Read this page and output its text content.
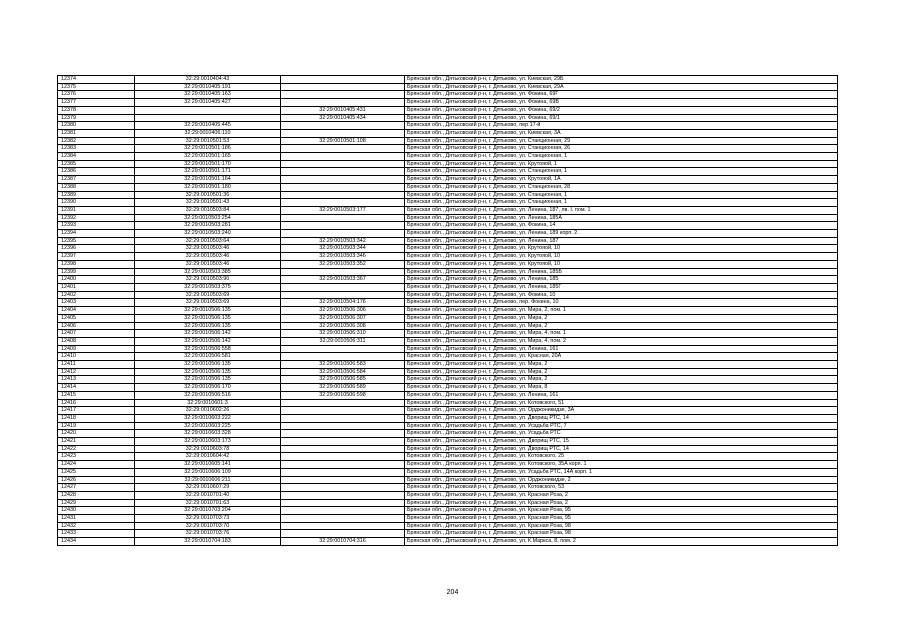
12374	32:29:0010404:43		Брянская обл., Дятьковский р-н, г. Дятьково, ул. Киевская, 29Б
12375	32:29:0010405:191		Брянская обл., Дятьковский р-н, г. Дятьково, ул. Киевская, 29А
12376	32:29:0010405:163		Брянская обл., Дятьковский р-н, г. Дятьково, ул. Фокина, 69Г
12377	32:29:0010405:427		Брянская обл., Дятьковский р-н, г. Дятьково, ул. Фокина, 69В
12378		32:29:0010405:431	Брянская обл., Дятьковский р-н, г. Дятьково, ул. Фокина, 69/2
12379		32:29:0010405:434	Брянская обл., Дятьковский р-н, г. Дятьково, ул. Фокина, 69/1
12380	32:29:0010405:445		Брянская обл., Дятьковский р-н, г. Дятьково, пер 17-й
12381	32:29:0010406:110		Брянская обл., Дятьковский р-н, г. Дятьково, ул. Киевская, 3А
12382	32:29:0010501:53	32:29:0010501:108	Брянская обл., Дятьковский р-н, г. Дятьково, ул. Станционная, 29
12383	32:29:0010501:186		Брянская обл., Дятьковский р-н, г. Дятьково, ул. Станционная, 26
12384	32:29:0010501:165		Брянская обл., Дятьковский р-н, г. Дятьково, ул. Станционная, 1
12385	32:29:0010501:170		Брянская обл., Дятьковский р-н, г. Дятьково, ул. Крутояой, 1
12386	32:29:0010501:171		Брянская обл., Дятьковский р-н, г. Дятьково, ул. Станционная, 1
12387	32:29:0010501:164		Брянская обл., Дятьковский р-н, г. Дятьково, ул. Крутояой, 1А
12388	32:29:0010501:180		Брянская обл., Дятьковский р-н, г. Дятьково, ул. Станционная, 28
12389	32:29:0010501:36		Брянская обл., Дятьковский р-н, г. Дятьково, ул. Станционная, 1
12390	32:29:0010501:43		Брянская обл., Дятьковский р-н, г. Дятьково, ул. Станционная, 1
12391	32:29:0010503:84	32:29:0010503:177	Брянская обл., Дятьковский р-н, г. Дятьково, ул. Ленина, 187, лв. I, пом. 1
12392	32:29:0010503:254		Брянская обл., Дятьковский р-н, г. Дятьково, ул. Ленина, 185А
12393	32:29:0010503:281		Брянская обл., Дятьковский р-н, г. Дятьково, ул. Фокина, 14
12394	32:29:0010503:240		Брянская обл., Дятьковский р-н, г. Дятьково, ул. Ленина, 189 корп. 2
12395	32:29:0010503:64	32:29:0010503:342	Брянская обл., Дятьковский р-н, г. Дятьково, ул. Ленина, 187
12396	32:29:0010503:46	32:29:0010503:344	Брянская обл., Дятьковский р-н, г. Дятьково, ул. Крутояой, 10
12397	32:29:0010503:46	32:29:0010503:346	Брянская обл., Дятьковский р-н, г. Дятьково, ул. Крутояой, 10
12398	32:29:0010503:46	32:29:0010503:352	Брянская обл., Дятьковский р-н, г. Дятьково, ул. Крутояой, 10
12399	32:29:0010503:385		Брянская обл., Дятьковский р-н, г. Дятьково, ул. Ленина, 185Б
12400	32:29:0010503:90	32:29:0010503:367	Брянская обл., Дятьковский р-н, г. Дятьково, ул. Ленина, 185
12401	32:29:0010503:375		Брянская обл., Дятьковский р-н, г. Дятьково, ул. Ленина, 185Г
12402	32:29:0010503:69		Брянская обл., Дятьковский р-н, г. Дятьково, ул. Фокина, 10
12403	32:29:0010503:69	32:29:0010504:176	Брянская обл., Дятьковский р-н, г. Дятьково, пер. Фокина, 10
12404	32:29:0010506:135	32:29:0010506:306	Брянская обл., Дятьковский р-н, г. Дятьково, ул. Мира, 2, пом. 1
12405	32:29:0010506:135	32:29:0010506:307	Брянская обл., Дятьковский р-н, г. Дятьково, ул. Мира, 2
12406	32:29:0010506:135	32:29:0010506:308	Брянская обл., Дятьковский р-н, г. Дятьково, ул. Мира, 2
12407	32:29:0010506:142	32:29:0010506:310	Брянская обл., Дятьковский р-н, г. Дятьково, ул. Мира, 4, пом. 1
12408	32:29:0010506:142	32:29:0010506:311	Брянская обл., Дятьковский р-н, г. Дятьково, ул. Мира, 4, пом. 2
12409	32:29:0010506:558		Брянская обл., Дятьковский р-н, г. Дятьково, ул. Ленина, 161
12410	32:29:0010506:581		Брянская обл., Дятьковский р-н, г. Дятьково, ул. Красная, 20А
12411	32:29:0010506:135	32:29:0010506:583	Брянская обл., Дятьковский р-н, г. Дятьково, ул. Мира, 2
12412	32:29:0010506:135	32:29:0010506:584	Брянская обл., Дятьковский р-н, г. Дятьково, ул. Мира, 2
12413	32:29:0010506:135	32:29:0010506:585	Брянская обл., Дятьковский р-н, г. Дятьково, ул. Мира, 2
12414	32:29:0010506:170	32:29:0010506:589	Брянская обл., Дятьковский р-н, г. Дятьково, ул. Мира, 8
12415	32:29:0010506:516	32:29:0010506:598	Брянская обл., Дятьковский р-н, г. Дятьково, ул. Ленина, 161
12416	32:29:0010601:3		Брянская обл., Дятьковский р-н, г. Дятьково, ул. Котовского, 51
12417	32:29:0010602:26		Брянская обл., Дятьковский р-н, г. Дятьково, ул. Орджоникидзе, 3А
12418	32:29:0010603:222		Брянская обл., Дятьковский р-н, г. Дятьково, ул. Дворищ РТС, 14
12419	32:29:0010603:225		Брянская обл., Дятьковский р-н, г. Дятьково, ул. Усадьба РТС, 7
12420	32:29:0010603:328		Брянская обл., Дятьковский р-н, г. Дятьково, ул. Усадьба РТС
12421	32:29:0010603:173		Брянская обл., Дятьковский р-н, г. Дятьково, ул. Дворищ РТС, 15
12422	32:29:0010603:78		Брянская обл., Дятьковский р-н, г. Дятьково, ул. Дворищ РТС, 14
12423	32:29:0010604:42		Брянская обл., Дятьковский р-н, г. Дятьково, ул. Котовского, 25
12424	32:29:0010605:141		Брянская обл., Дятьковский р-н, г. Дятьково, ул. Котовского, 35А корп. 1
12425	32:29:0010606:109		Брянская обл., Дятьковский р-н, г. Дятьково, ул. Усадьба РТС, 14А корп. 1
12426	32:29:0010606:211		Брянская обл., Дятьковский р-н, г. Дятьково, ул. Орджоникидзе, 2
12427	32:29:0010607:29		Брянская обл., Дятьковский р-н, г. Дятьково, ул. Котовского, 53
12428	32:29:0010701:40		Брянская обл., Дятьковский р-н, г. Дятьково, ул. Красная Роза, 2
12429	32:29:0010701:63		Брянская обл., Дятьковский р-н, г. Дятьково, ул. Красная Роза, 2
12430	32:29:0010703:204		Брянская обл., Дятьковский р-н, г. Дятьково, ул. Красная Роза, 95
12431	32:29:0010703:73		Брянская обл., Дятьковский р-н, г. Дятьково, ул. Красная Роза, 95
12432	32:29:0010703:70		Брянская обл., Дятьковский р-н, г. Дятьково, ул. Красная Роза, 98
12433	32:29:0010703:76		Брянская обл., Дятьковский р-н, г. Дятьково, ул. Красная Роза, 98
12434	32:29:0010704:183	32:29:0010704:316	Брянская обл., Дятьковский р-н, г. Дятьково, ул. К.Маркса, 8, пом. 2
204
